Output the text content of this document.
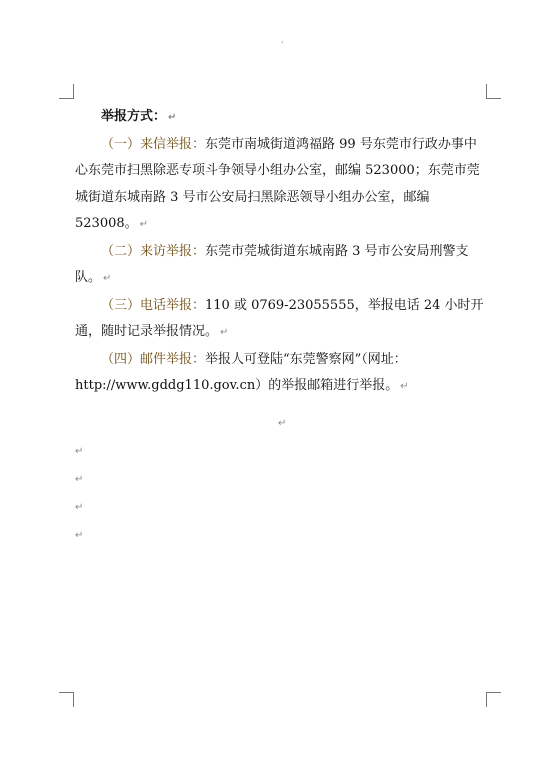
'

举报方式： ↵

（一）来信举报：东莞市南城街道鸿福路 99 号东莞市行政办事中心东莞市扫黑除恶专项斗争领导小组办公室，邮编 523000；东莞市莞城街道东城南路 3 号市公安局扫黑除恶领导小组办公室，邮编 523008。 ↵

（二）来访举报：东莞市莞城街道东城南路 3 号市公安局刑警支队。 ↵

（三）电话举报：110 或 0769-23055555，举报电话 24 小时开通，随时记录举报情况。 ↵

（四）邮件举报：举报人可登陆“东莞警察网”（网址：http://www.gddg110.gov.cn）的举报邮箱进行举报。 ↵

↵
↵
↵
↵
↵
